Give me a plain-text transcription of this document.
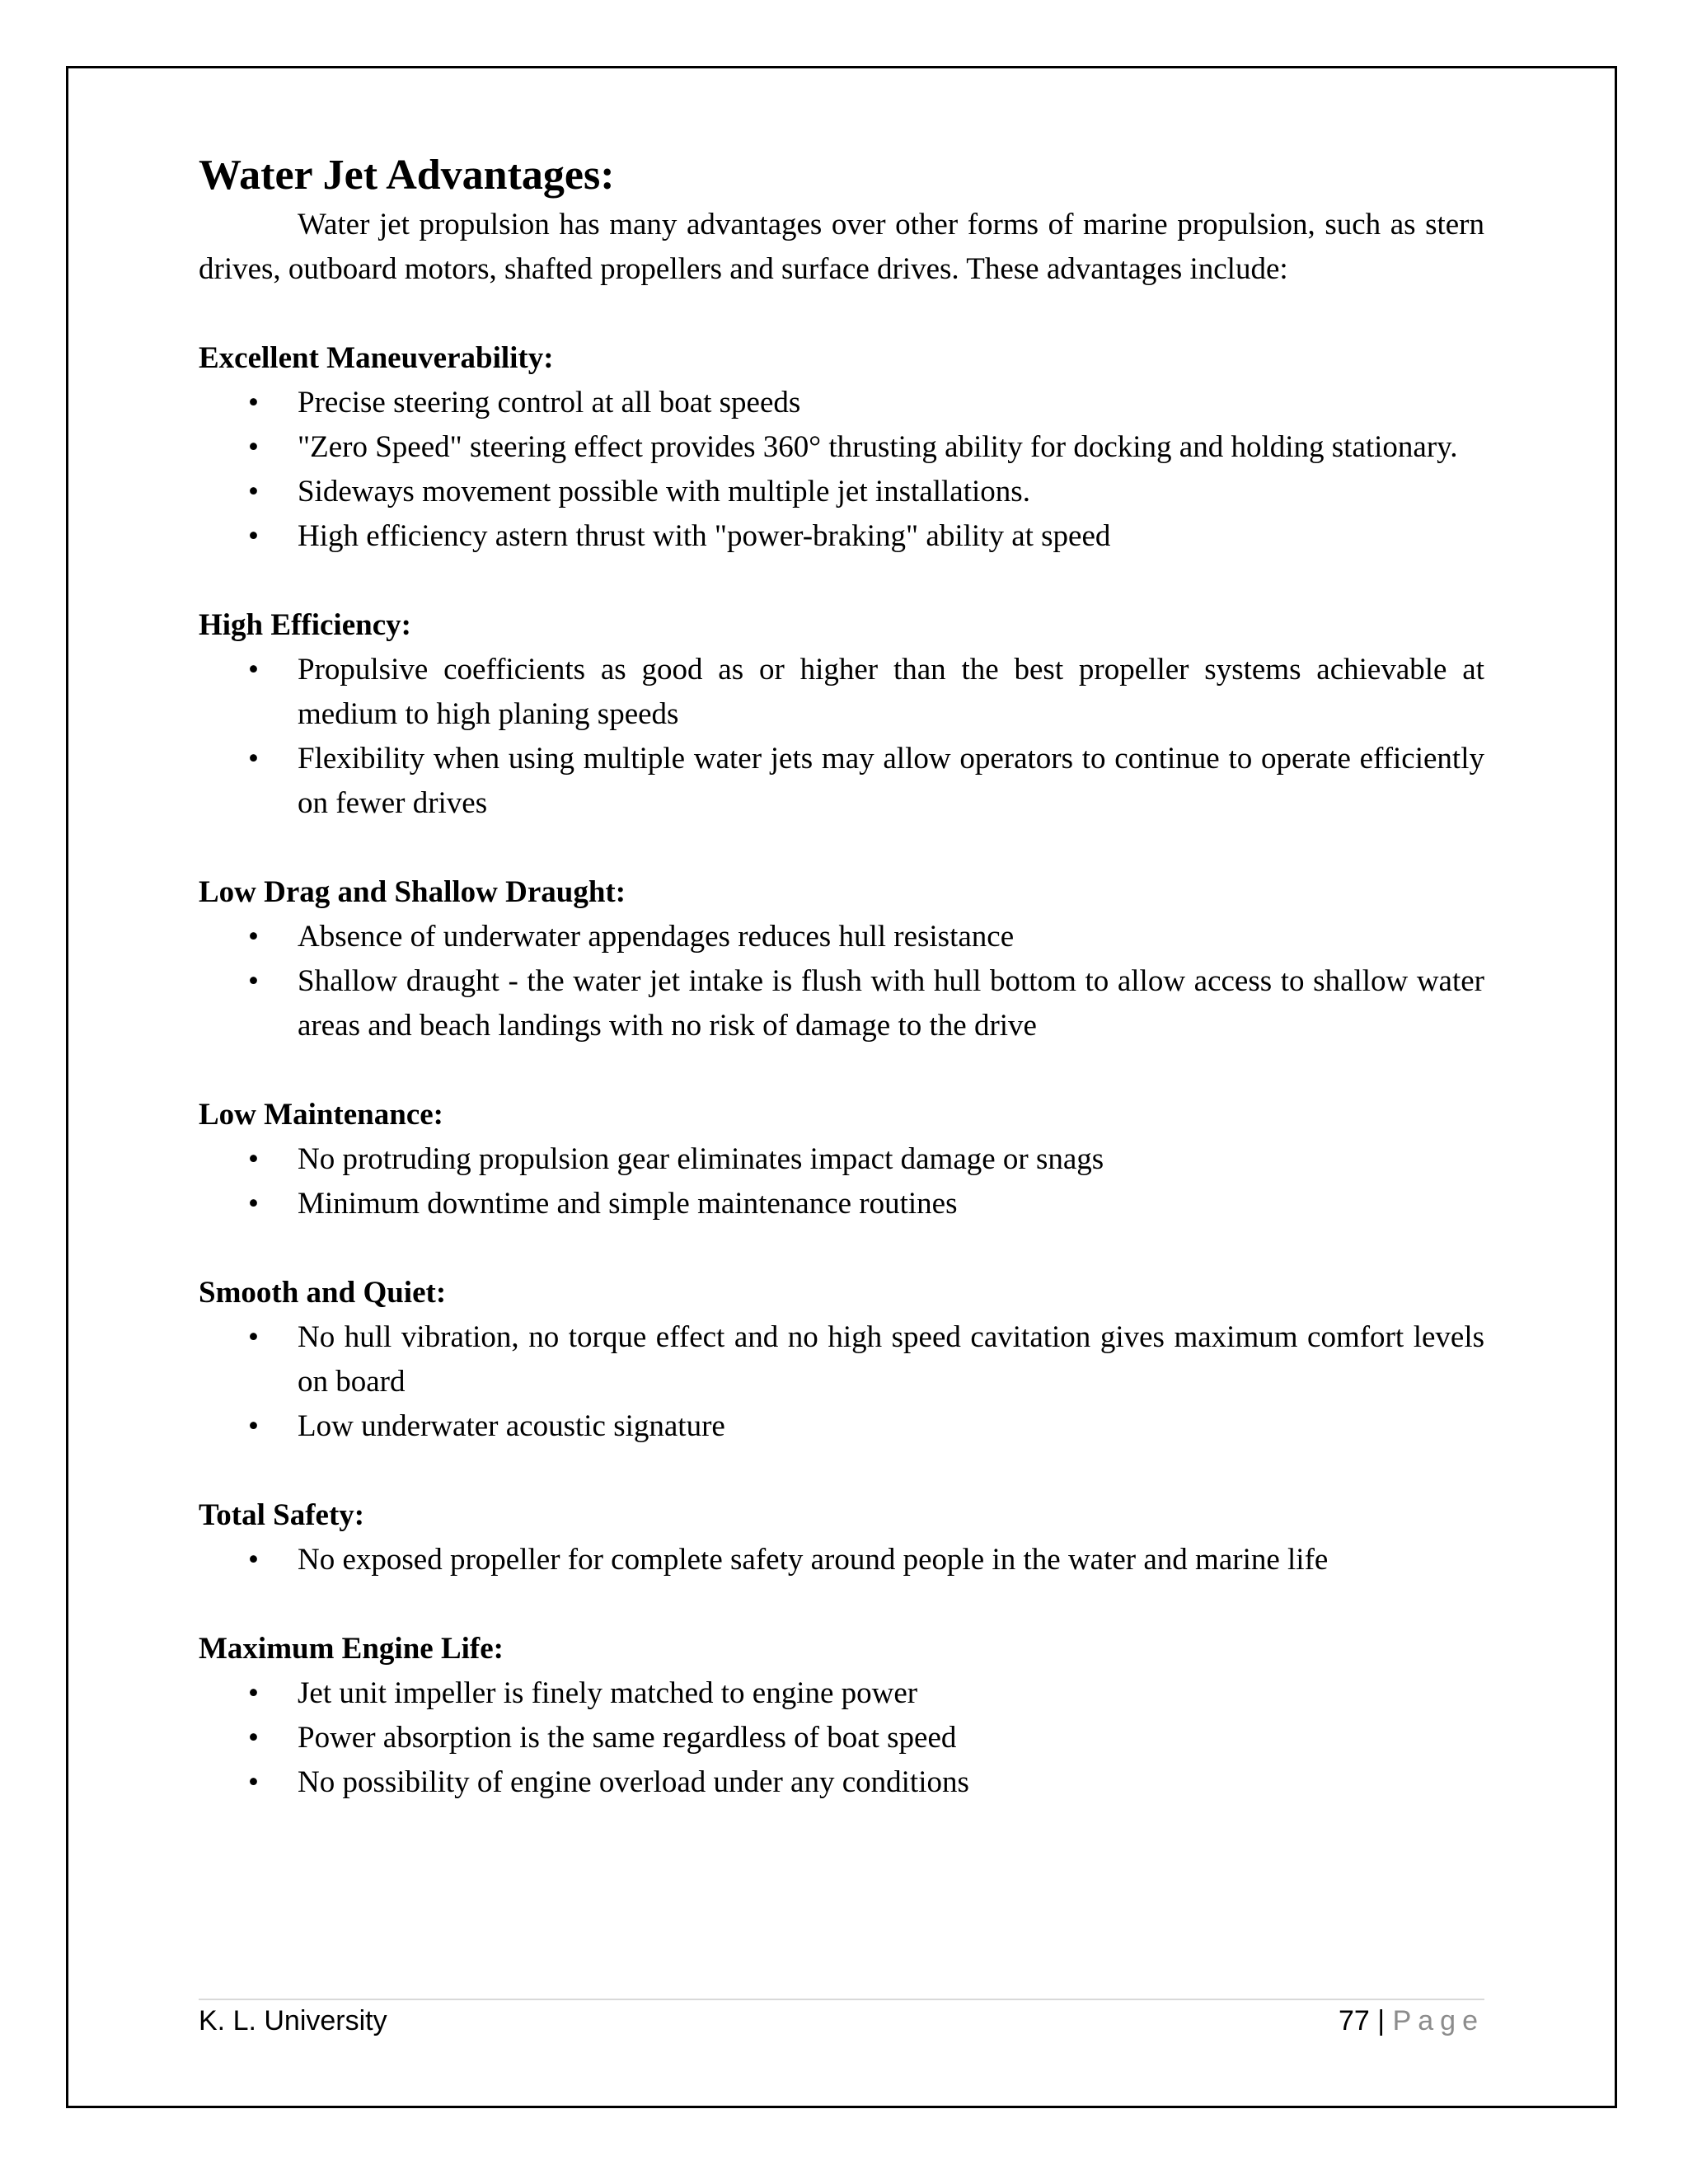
Water Jet Advantages:

Water jet propulsion has many advantages over other forms of marine propulsion, such as stern drives, outboard motors, shafted propellers and surface drives. These advantages include:

Excellent Maneuverability:

• Precise steering control at all boat speeds
• "Zero Speed" steering effect provides 360° thrusting ability for docking and holding stationary.
• Sideways movement possible with multiple jet installations.
• High efficiency astern thrust with "power-braking" ability at speed

High Efficiency:

• Propulsive coefficients as good as or higher than the best propeller systems achievable at medium to high planing speeds
• Flexibility when using multiple water jets may allow operators to continue to operate efficiently on fewer drives

Low Drag and Shallow Draught:

• Absence of underwater appendages reduces hull resistance
• Shallow draught - the water jet intake is flush with hull bottom to allow access to shallow water areas and beach landings with no risk of damage to the drive

Low Maintenance:

• No protruding propulsion gear eliminates impact damage or snags
• Minimum downtime and simple maintenance routines

Smooth and Quiet:

• No hull vibration, no torque effect and no high speed cavitation gives maximum comfort levels on board
• Low underwater acoustic signature

Total Safety:

• No exposed propeller for complete safety around people in the water and marine life

Maximum Engine Life:

• Jet unit impeller is finely matched to engine power
• Power absorption is the same regardless of boat speed
• No possibility of engine overload under any conditions
K. L. University	77 | Page
